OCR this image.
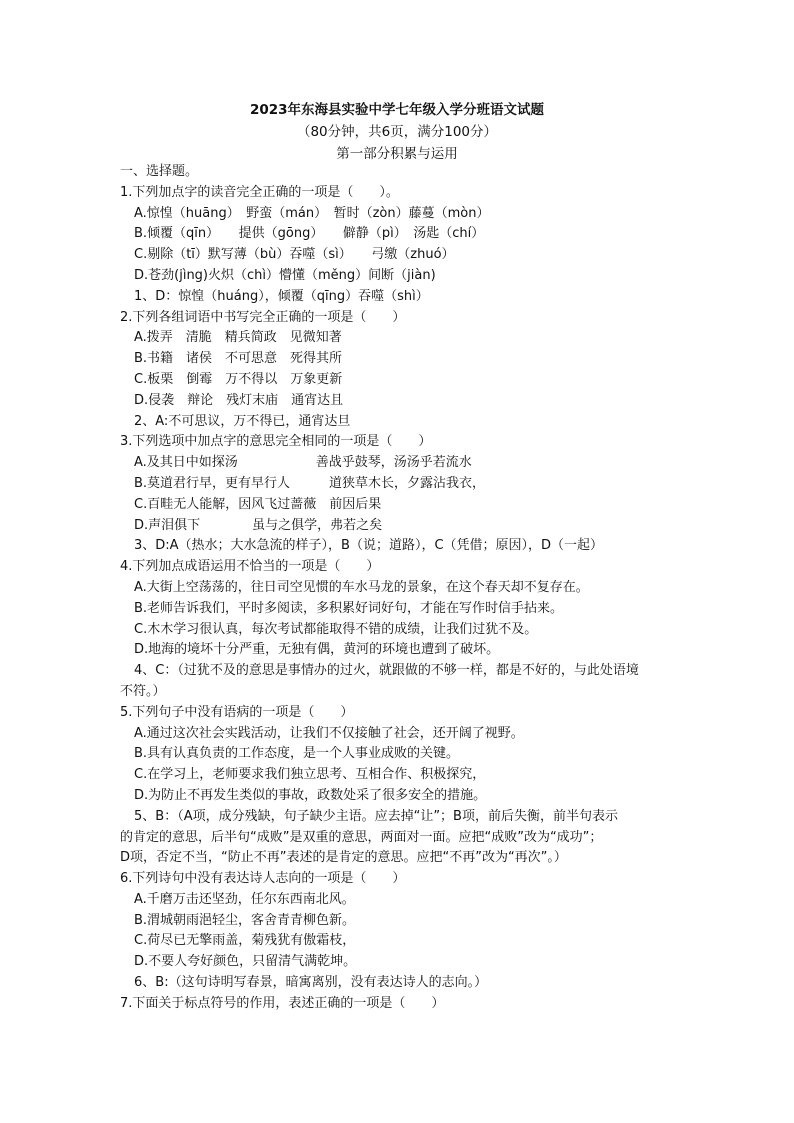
2023年东海县实验中学七年级入学分班语文试题
（80分钟，共6页，满分100分）
第一部分积累与运用
一、选择题。
1.下列加点字的读音完全正确的一项是（　　）。
A.惊惶（huāng）　野蛮（mán）　暂时（zòn）藤蔓（mòn）
B.倾覆（qīn）　　提供（gōng）　　僻静（pì）　汤匙（chí）
C.剔除（tī）默写薄（bù）吞噬（sì）　　弓缴（zhuó）
D.苍劲(jìng)火炽（chì）懵懂（měng）间断（jiàn)
1、D：惊惶（huáng），倾覆（qīng）吞噬（shì）
2.下列各组词语中书写完全正确的一项是（　　）
A.拨弄　清脆　精兵简政　见微知著
B.书籍　诸侯　不可思意　死得其所
C.板栗　倒霉　万不得以　万象更新
D.侵袭　辩论　残灯末庙　通宵达且
2、A:不可思议，万不得已，通宵达旦
3.下列选项中加点字的意思完全相同的一项是（　　）
A.及其日中如探汤　　　　　　善战乎鼓琴，汤汤乎若流水
B.莫道君行早，更有早行人　　　道狭草木长，夕露沾我衣，
C.百畦无人能解，因风飞过蔷薇　前因后果
D.声泪俱下　　　　虽与之俱学，弗若之矣
3、D:A（热水；大水急流的样子），B（说；道路），C（凭借；原因），D（一起）
4.下列加点成语运用不恰当的一项是（　　）
A.大街上空荡荡的，往日司空见惯的车水马龙的景象，在这个春天却不复存在。
B.老师告诉我们，平时多阅读，多积累好词好句，才能在写作时信手拈来。
C.木木学习很认真，每次考试都能取得不错的成绩，让我们过犹不及。
D.地海的境坏十分严重，无独有偶，黄河的环境也遭到了破坏。
4、C：（过犹不及的意思是事情办的过火，就跟做的不够一样，都是不好的，与此处语境
不符。）
5.下列句子中没有语病的一项是（　　）
A.通过这次社会实践活动，让我们不仅接触了社会，还开阔了视野。
B.具有认真负责的工作态度，是一个人事业成败的关键。
C.在学习上，老师要求我们独立思考、互相合作、积极探究，
D.为防止不再发生类似的事故，政数处采了很多安全的措施。
5、B：（A项，成分残缺，句子缺少主语。应去掉“让”；B项，前后失衡，前半句表示
的肯定的意思，后半句“成败”是双重的意思，两面对一面。应把“成败”改为“成功”；
D项，否定不当，“防止不再”表述的是肯定的意思。应把“不再”改为“再次”。）
6.下列诗句中没有表达诗人志向的一项是（　　）
A.千磨万击还坚劲，任尔东西南北风。
B.渭城朝雨浥轻尘，客舍青青柳色新。
C.荷尽已无擎雨盖，菊残犹有傲霜枝，
D.不要人夸好颜色，只留清气满乾坤。
6、B:（这句诗明写春景，暗寓离别，没有表达诗人的志向。）
7.下面关于标点符号的作用，表述正确的一项是（　　）
